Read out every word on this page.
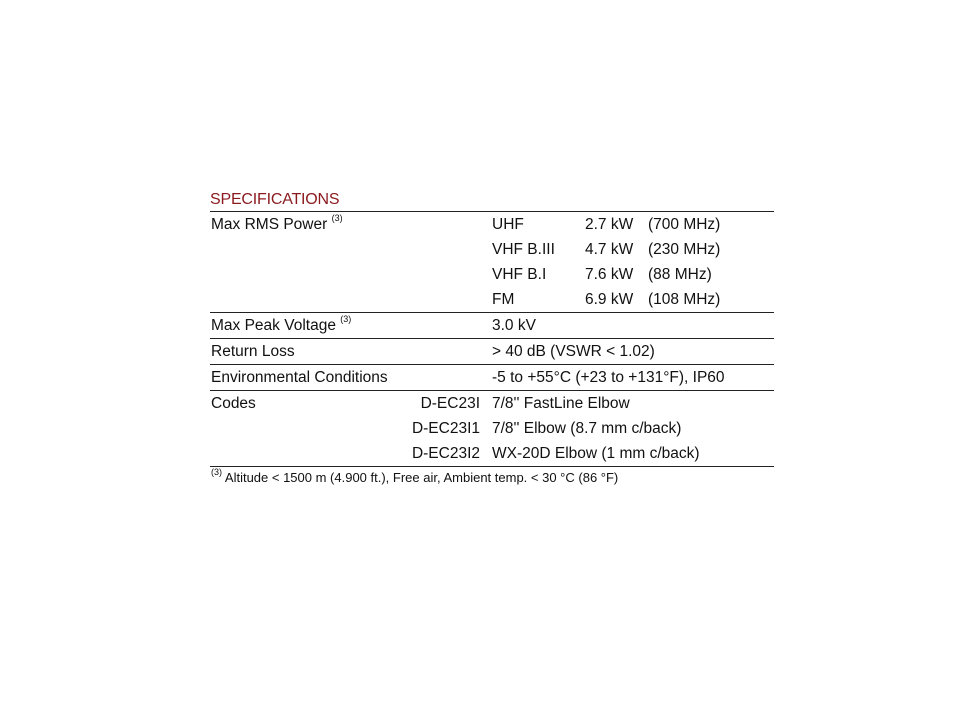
SPECIFICATIONS
Max RMS Power $^{(3)}$	UHF	2.7 kW (700 MHz)
VHF B.III 4.7 kW (230 MHz)
VHF B.I 7.6 kW (88 MHz)
FM	6.9 kW (108 MHz)
Max Peak Voltage $^{(3)}$	3.0 kV
Return Loss	> 40 dB (VSWR < 1.02)
Environmental Conditions	-5 to +55°C (+23 to +131°F), IP60
Codes	D-EC23I 7/8'' FastLine Elbow
D-EC23I1 7/8'' Elbow (8.7 mm c/back)
D-EC23I2 WX-20D Elbow (1 mm c/back)
$^{(3)}$ Altitude < 1500 m (4.900 ft.), Free air, Ambient temp. < 30 °C (86 °F)
